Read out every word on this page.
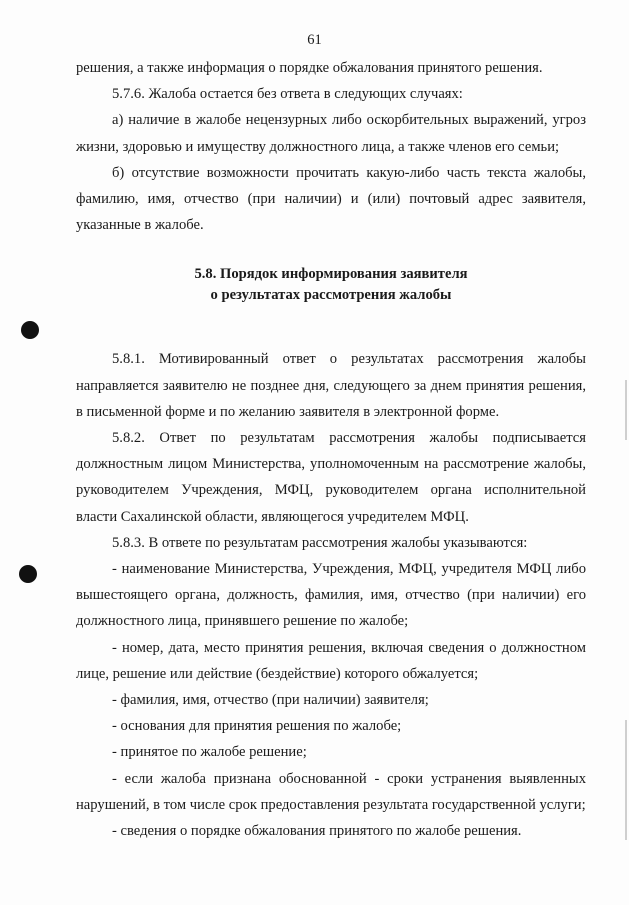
61

решения, а также информация о порядке обжалования принятого решения.

5.7.6. Жалоба остается без ответа в следующих случаях:

а) наличие в жалобе нецензурных либо оскорбительных выражений, угроз жизни, здоровью и имуществу должностного лица, а также членов его семьи;

б) отсутствие возможности прочитать какую-либо часть текста жалобы, фамилию, имя, отчество (при наличии) и (или) почтовый адрес заявителя, указанные в жалобе.

5.8. Порядок информирования заявителя
о результатах рассмотрения жалобы

5.8.1. Мотивированный ответ о результатах рассмотрения жалобы направляется заявителю не позднее дня, следующего за днем принятия решения, в письменной форме и по желанию заявителя в электронной форме.

5.8.2. Ответ по результатам рассмотрения жалобы подписывается должностным лицом Министерства, уполномоченным на рассмотрение жалобы, руководителем Учреждения, МФЦ, руководителем органа исполнительной власти Сахалинской области, являющегося учредителем МФЦ.

5.8.3. В ответе по результатам рассмотрения жалобы указываются:

- наименование Министерства, Учреждения, МФЦ, учредителя МФЦ либо вышестоящего органа, должность, фамилия, имя, отчество (при наличии) его должностного лица, принявшего решение по жалобе;

- номер, дата, место принятия решения, включая сведения о должностном лице, решение или действие (бездействие) которого обжалуется;

- фамилия, имя, отчество (при наличии) заявителя;

- основания для принятия решения по жалобе;

- принятое по жалобе решение;

- если жалоба признана обоснованной - сроки устранения выявленных нарушений, в том числе срок предоставления результата государственной услуги;

- сведения о порядке обжалования принятого по жалобе решения.
